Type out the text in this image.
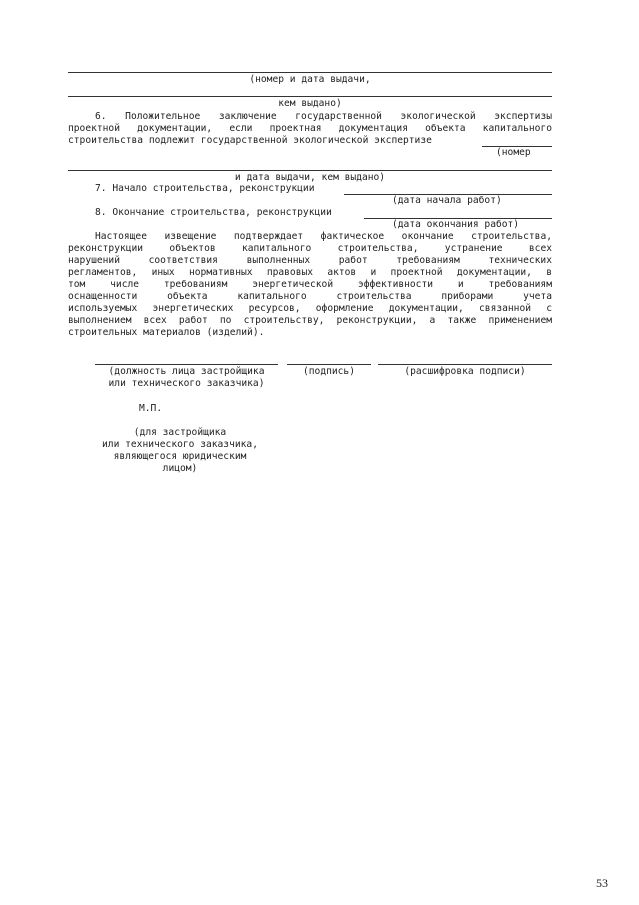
(номер и дата выдачи,
кем выдано)
6. Положительное заключение государственной экологической экспертизы
проектной документации, если проектная документация объекта капитального
строительства подлежит государственной экологической экспертизе
(номер
и дата выдачи, кем выдано)
7. Начало строительства, реконструкции
(дата начала работ)
8. Окончание строительства, реконструкции
(дата окончания работ)
Настоящее извещение подтверждает фактическое окончание строительства,
реконструкции объектов капитального строительства, устранение всех
нарушений соответствия выполненных работ требованиям технических
регламентов, иных нормативных правовых актов и проектной документации, в
том числе требованиям энергетической эффективности и требованиям
оснащенности объекта капитального строительства приборами учета
используемых энергетических ресурсов, оформление документации, связанной с
выполнением всех работ по строительству, реконструкции, а также применением
строительных материалов (изделий).
(должность лица застройщика
или технического заказчика)
(подпись)	(расшифровка подписи)
М.П.
(для застройщика
или технического заказчика,
являющегося юридическим
лицом)
53
